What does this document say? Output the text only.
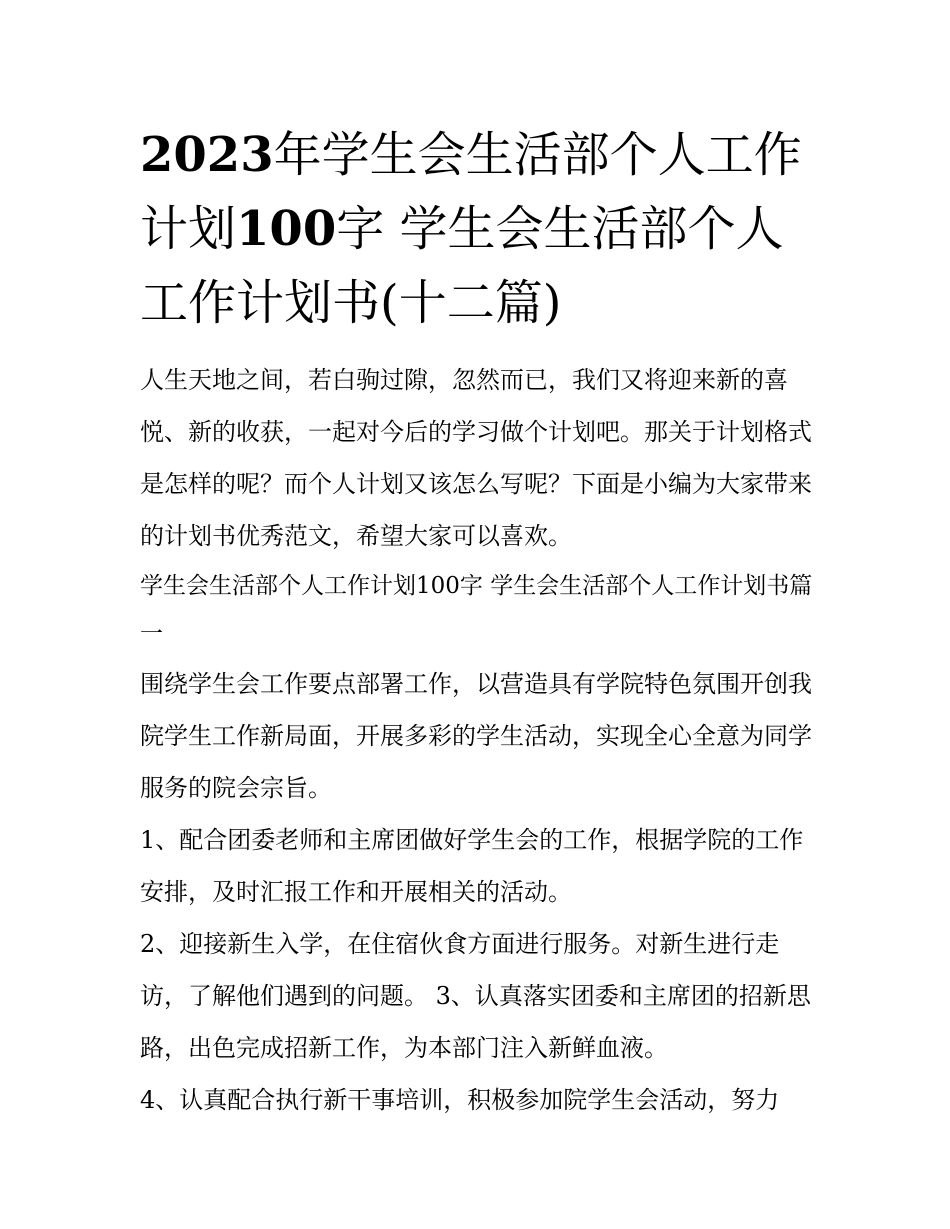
2023年学生会生活部个人工作计划100字 学生会生活部个人工作计划书(十二篇)

人生天地之间，若白驹过隙，忽然而已，我们又将迎来新的喜悦、新的收获，一起对今后的学习做个计划吧。那关于计划格式是怎样的呢？而个人计划又该怎么写呢？下面是小编为大家带来的计划书优秀范文，希望大家可以喜欢。

学生会生活部个人工作计划100字 学生会生活部个人工作计划书篇一

围绕学生会工作要点部署工作，以营造具有学院特色氛围开创我院学生工作新局面，开展多彩的学生活动，实现全心全意为同学服务的院会宗旨。

1、配合团委老师和主席团做好学生会的工作，根据学院的工作安排，及时汇报工作和开展相关的活动。

2、迎接新生入学，在住宿伙食方面进行服务。对新生进行走访，了解他们遇到的问题。 3、认真落实团委和主席团的招新思路，出色完成招新工作，为本部门注入新鲜血液。

4、认真配合执行新干事培训，积极参加院学生会活动，努力
